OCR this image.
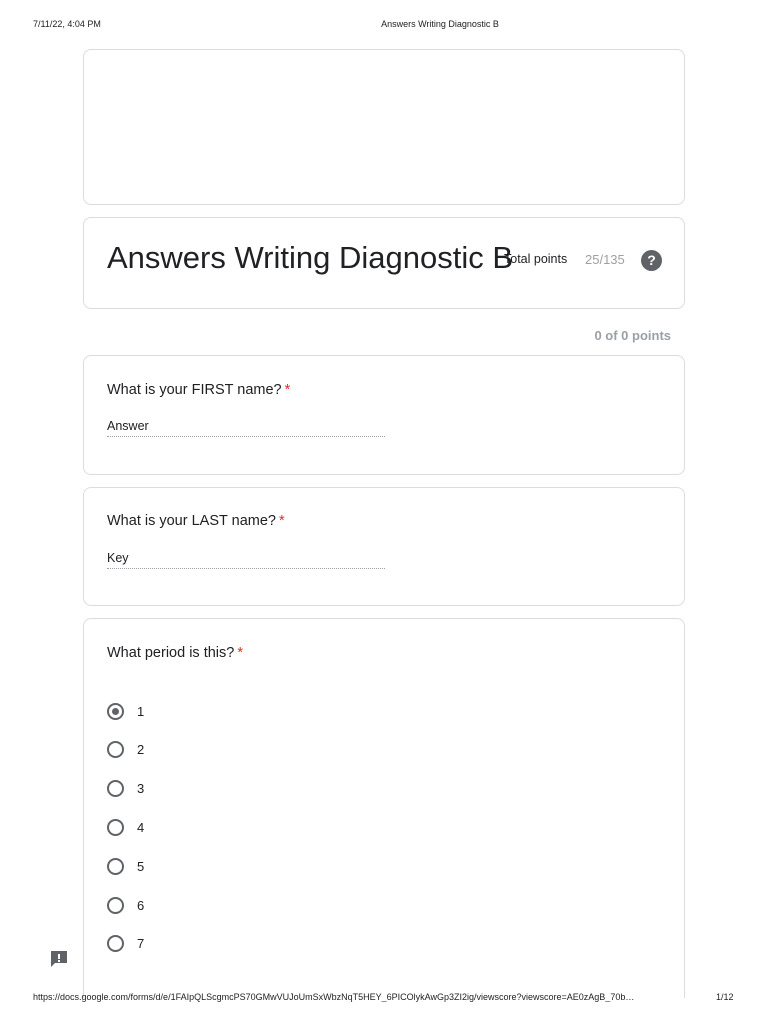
7/11/22, 4:04 PM	Answers Writing Diagnostic B
Answers Writing Diagnostic B
Total points 25/135	?
0 of 0 points
What is your FIRST name? *
Answer
What is your LAST name? *
Key
What period is this? *
1
2
3
4
5
6
7
https://docs.google.com/forms/d/e/1FAIpQLScgmcPS70GMwVUJoUmSxWbzNqT5HEY_6PICOlykAwGp3ZI2ig/viewscore?viewscore=AE0zAgB_70b…	1/12
